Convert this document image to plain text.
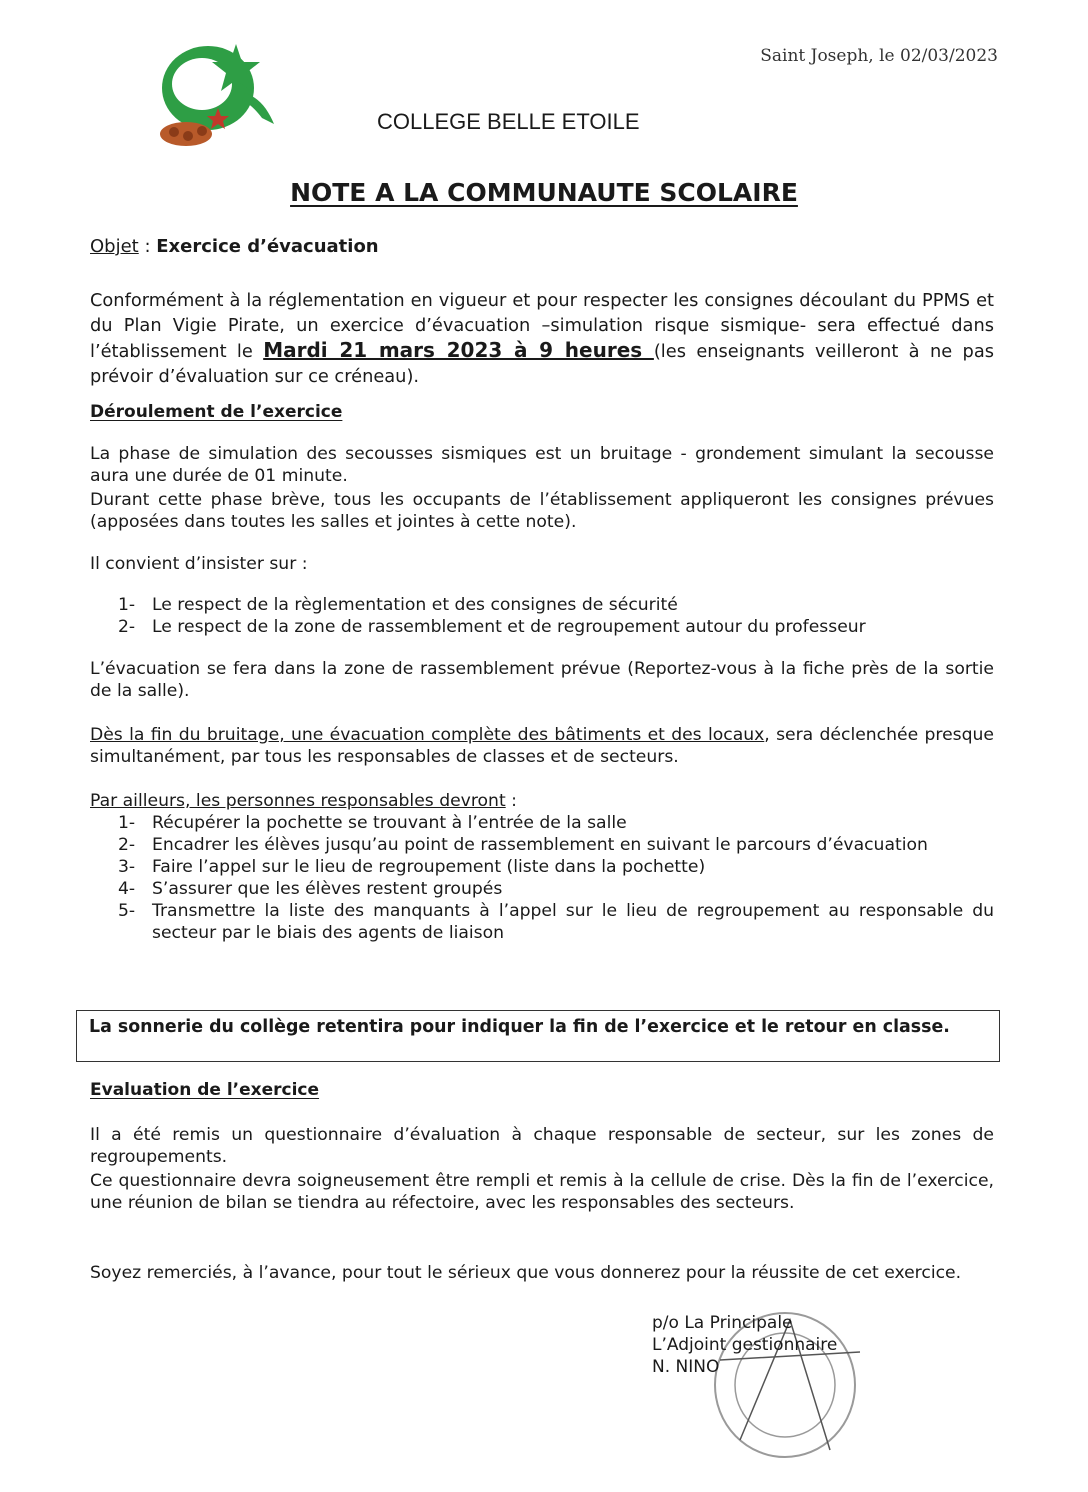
Saint Joseph, le 02/03/2023
COLLEGE BELLE ETOILE
NOTE A LA COMMUNAUTE SCOLAIRE
Objet : Exercice d’évacuation
Conformément à la réglementation en vigueur et pour respecter les consignes découlant du PPMS et du Plan Vigie Pirate, un exercice d’évacuation –simulation risque sismique- sera effectué dans l’établissement le Mardi 21 mars 2023 à 9 heures (les enseignants veilleront à ne pas prévoir d’évaluation sur ce créneau).
Déroulement de l’exercice
La phase de simulation des secousses sismiques est un bruitage - grondement simulant la secousse aura une durée de 01 minute.
Durant cette phase brève, tous les occupants de l’établissement appliqueront les consignes prévues (apposées dans toutes les salles et jointes à cette note).
Il convient d’insister sur :
1- Le respect de la règlementation et des consignes de sécurité
2- Le respect de la zone de rassemblement et de regroupement autour du professeur
L’évacuation se fera dans la zone de rassemblement prévue (Reportez-vous à la fiche près de la sortie de la salle).
Dès la fin du bruitage, une évacuation complète des bâtiments et des locaux, sera déclenchée presque simultanément, par tous les responsables de classes et de secteurs.
Par ailleurs, les personnes responsables devront :
1- Récupérer la pochette se trouvant à l’entrée de la salle
2- Encadrer les élèves jusqu’au point de rassemblement en suivant le parcours d’évacuation
3- Faire l’appel sur le lieu de regroupement (liste dans la pochette)
4- S’assurer que les élèves restent groupés
5- Transmettre la liste des manquants à l’appel sur le lieu de regroupement au responsable du secteur par le biais des agents de liaison
La sonnerie du collège retentira pour indiquer la fin de l’exercice et le retour en classe.
Evaluation de l’exercice
Il a été remis un questionnaire d’évaluation à chaque responsable de secteur, sur les zones de regroupements.
Ce questionnaire devra soigneusement être rempli et remis à la cellule de crise. Dès la fin de l’exercice, une réunion de bilan se tiendra au réfectoire, avec les responsables des secteurs.
Soyez remerciés, à l’avance, pour tout le sérieux que vous donnerez pour la réussite de cet exercice.
p/o La Principale
L’Adjoint gestionnaire
N. NINO
